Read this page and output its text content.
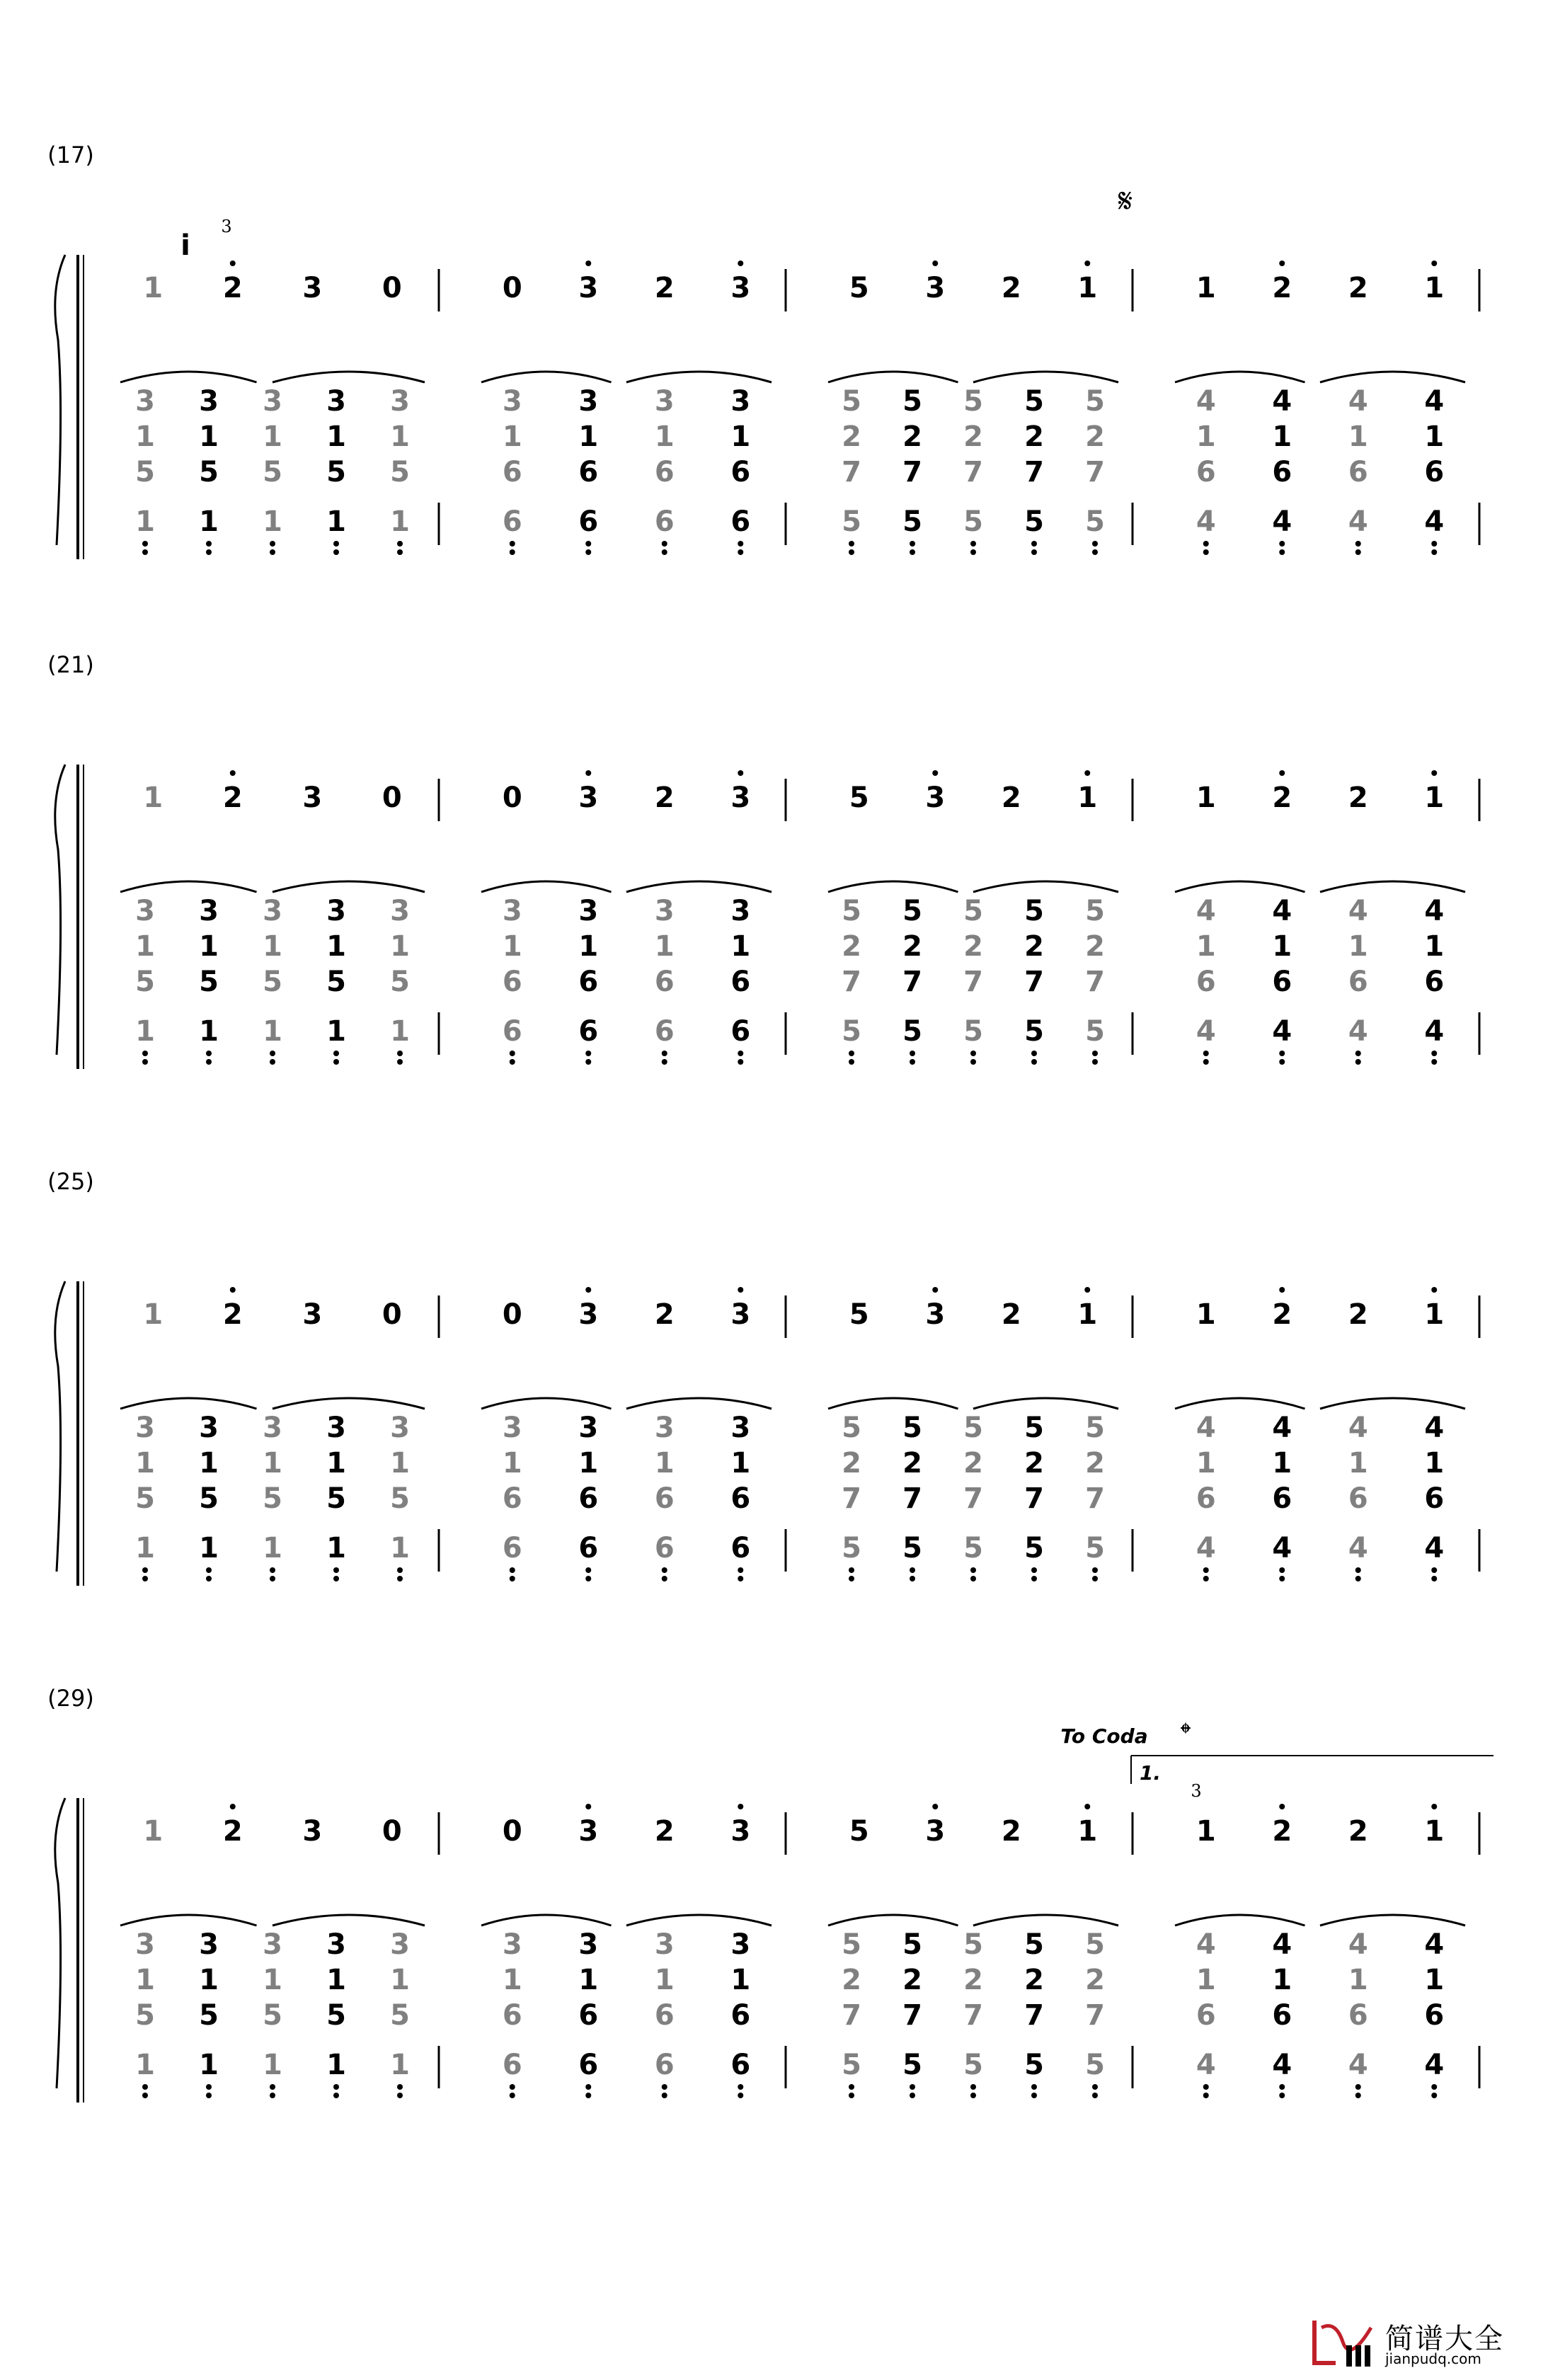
(17)
1 2 3 0
3
1
5
1
3
1
5
1
3
1
5
1
3
1
5
1
3
1
5
1
0 3 2 3
3
1
6
6
3
1
6
6
3
1
6
6
3
1
6
6
5 3 2 1
5
2
7
5
5
2
7
5
5
2
7
5
5
2
7
5
5
2
7
5
1 2 2 1
4
1
6
4
4
1
6
4
4
1
6
4
4
1
6
4
(21)
1 2 3 0
3
1
5
1
3
1
5
1
3
1
5
1
3
1
5
1
3
1
5
1
0 3 2 3
3
1
6
6
3
1
6
6
3
1
6
6
3
1
6
6
5 3 2 1
5
2
7
5
5
2
7
5
5
2
7
5
5
2
7
5
5
2
7
5
1 2 2 1
4
1
6
4
4
1
6
4
4
1
6
4
4
1
6
4
(25)
1 2 3 0
3
1
5
1
3
1
5
1
3
1
5
1
3
1
5
1
3
1
5
1
0 3 2 3
3
1
6
6
3
1
6
6
3
1
6
6
3
1
6
6
5 3 2 1
5
2
7
5
5
2
7
5
5
2
7
5
5
2
7
5
5
2
7
5
1 2 2 1
4
1
6
4
4
1
6
4
4
1
6
4
4
1
6
4
(29)
1 2 3 0
3
1
5
1
3
1
5
1
3
1
5
1
3
1
5
1
3
1
5
1
0 3 2 3
3
1
6
6
3
1
6
6
3
1
6
6
3
1
6
6
5 3 2 1
5
2
7
5
5
2
7
5
5
2
7
5
5
2
7
5
5
2
7
5
1 2 2 1
4
1
6
4
4
1
6
4
4
1
6
4
4
1
6
4
𝄋
To Coda 𝄌
1.
3
3
i
简谱大全
jianpudq.com
